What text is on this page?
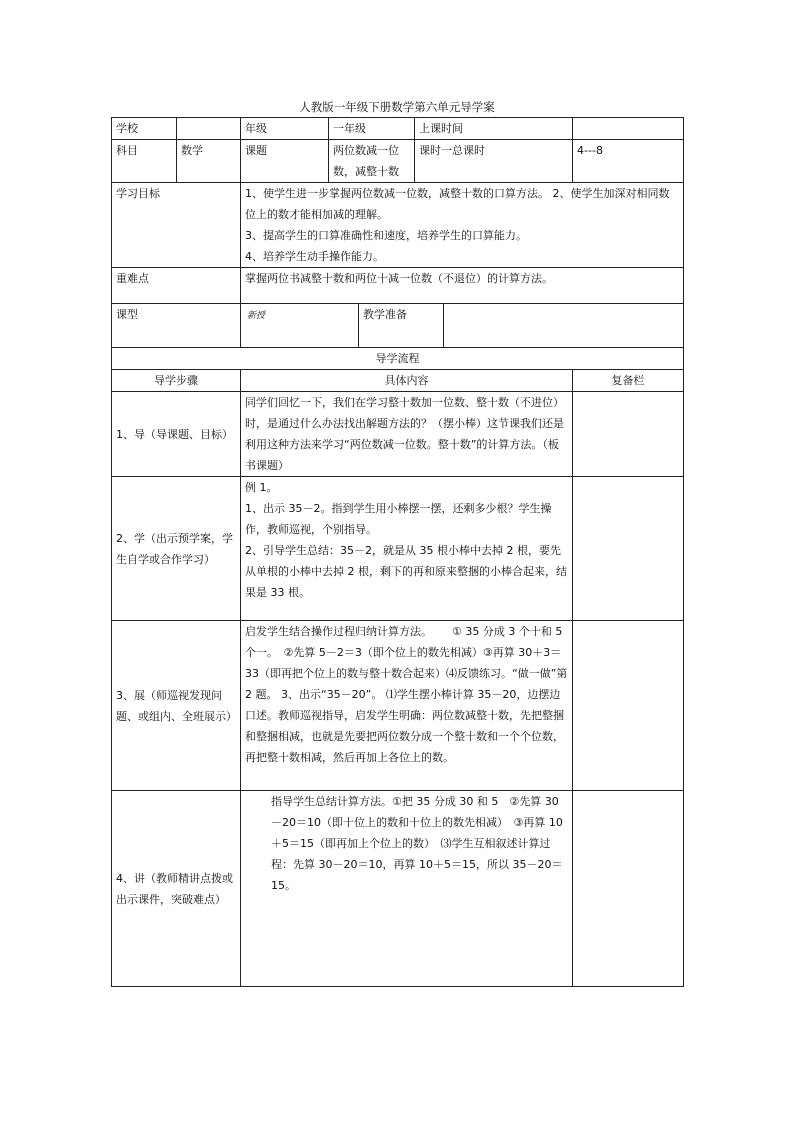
人教版一年级下册数学第六单元导学案
学校		年级	一年级		上课时间		
科目	数学	课题	两位数减一位数，减整十数		课时一总课时		4---8
学习目标		1、使学生进一步掌握两位数减一位数，减整十数的口算方法。 2、使学生加深对相同数位上的数才能相加减的理解。

3、提高学生的口算准确性和速度，培养学生的口算能力。

4、培养学生动手操作能力。					

重难点		掌握两位书减整十数和两位十减一位数（不退位）的计算方法。					
课型		新授		教学准备			
导学流程							
导学步骤		具体内容					复备栏
1、导（导课题、目标）		同学们回忆一下，我们在学习整十数加一位数、整十数（不进位）时，是通过什么办法找出解题方法的？（摆小棒）这节课我们还是利用这种方法来学习“两位数减一位数。整十数”的计算方法。（板书课题）					

2、学（出示预学案，学生自学或合作学习）		例 1。

1、出示 35－2。指到学生用小棒摆一摆，还剩多少根？学生操作，教师巡视，个别指导。

2、引导学生总结：35－2，就是从 35 根小棒中去掉 2 根，要先从单根的小棒中去掉 2 根，剩下的再和原来整捆的小棒合起来，结果是 33 根。					

3、展（师巡视发现问题、或组内、全班展示）		启发学生结合操作过程归纳计算方法。　　 ① 35 分成 3 个十和 5 个一。　②先算 5－2＝3（即个位上的数先相减）③再算 30＋3＝33（即再把个位上的数与整十数合起来）⑷反馈练习。“做一做”第 2 题。 3、出示“35－20”。 ⑴学生摆小棒计算 35－20，边摆边口述。教师巡视指导，启发学生明确：两位数减整十数，先把整捆和整捆相减，也就是先要把两位数分成一个整十数和一个个位数，再把整十数相减，然后再加上各位上的数。					

4、讲（教师精讲点拨或出示课件，突破难点）		指导学生总结计算方法。①把 35 分成 30 和 5　②先算 30－20＝10（即十位上的数和十位上的数先相减）　③再算 10＋5＝15（即再加上个位上的数）　⑶学生互相叙述计算过程：先算 30－20＝10，再算 10＋5＝15，所以 35－20＝15。					
